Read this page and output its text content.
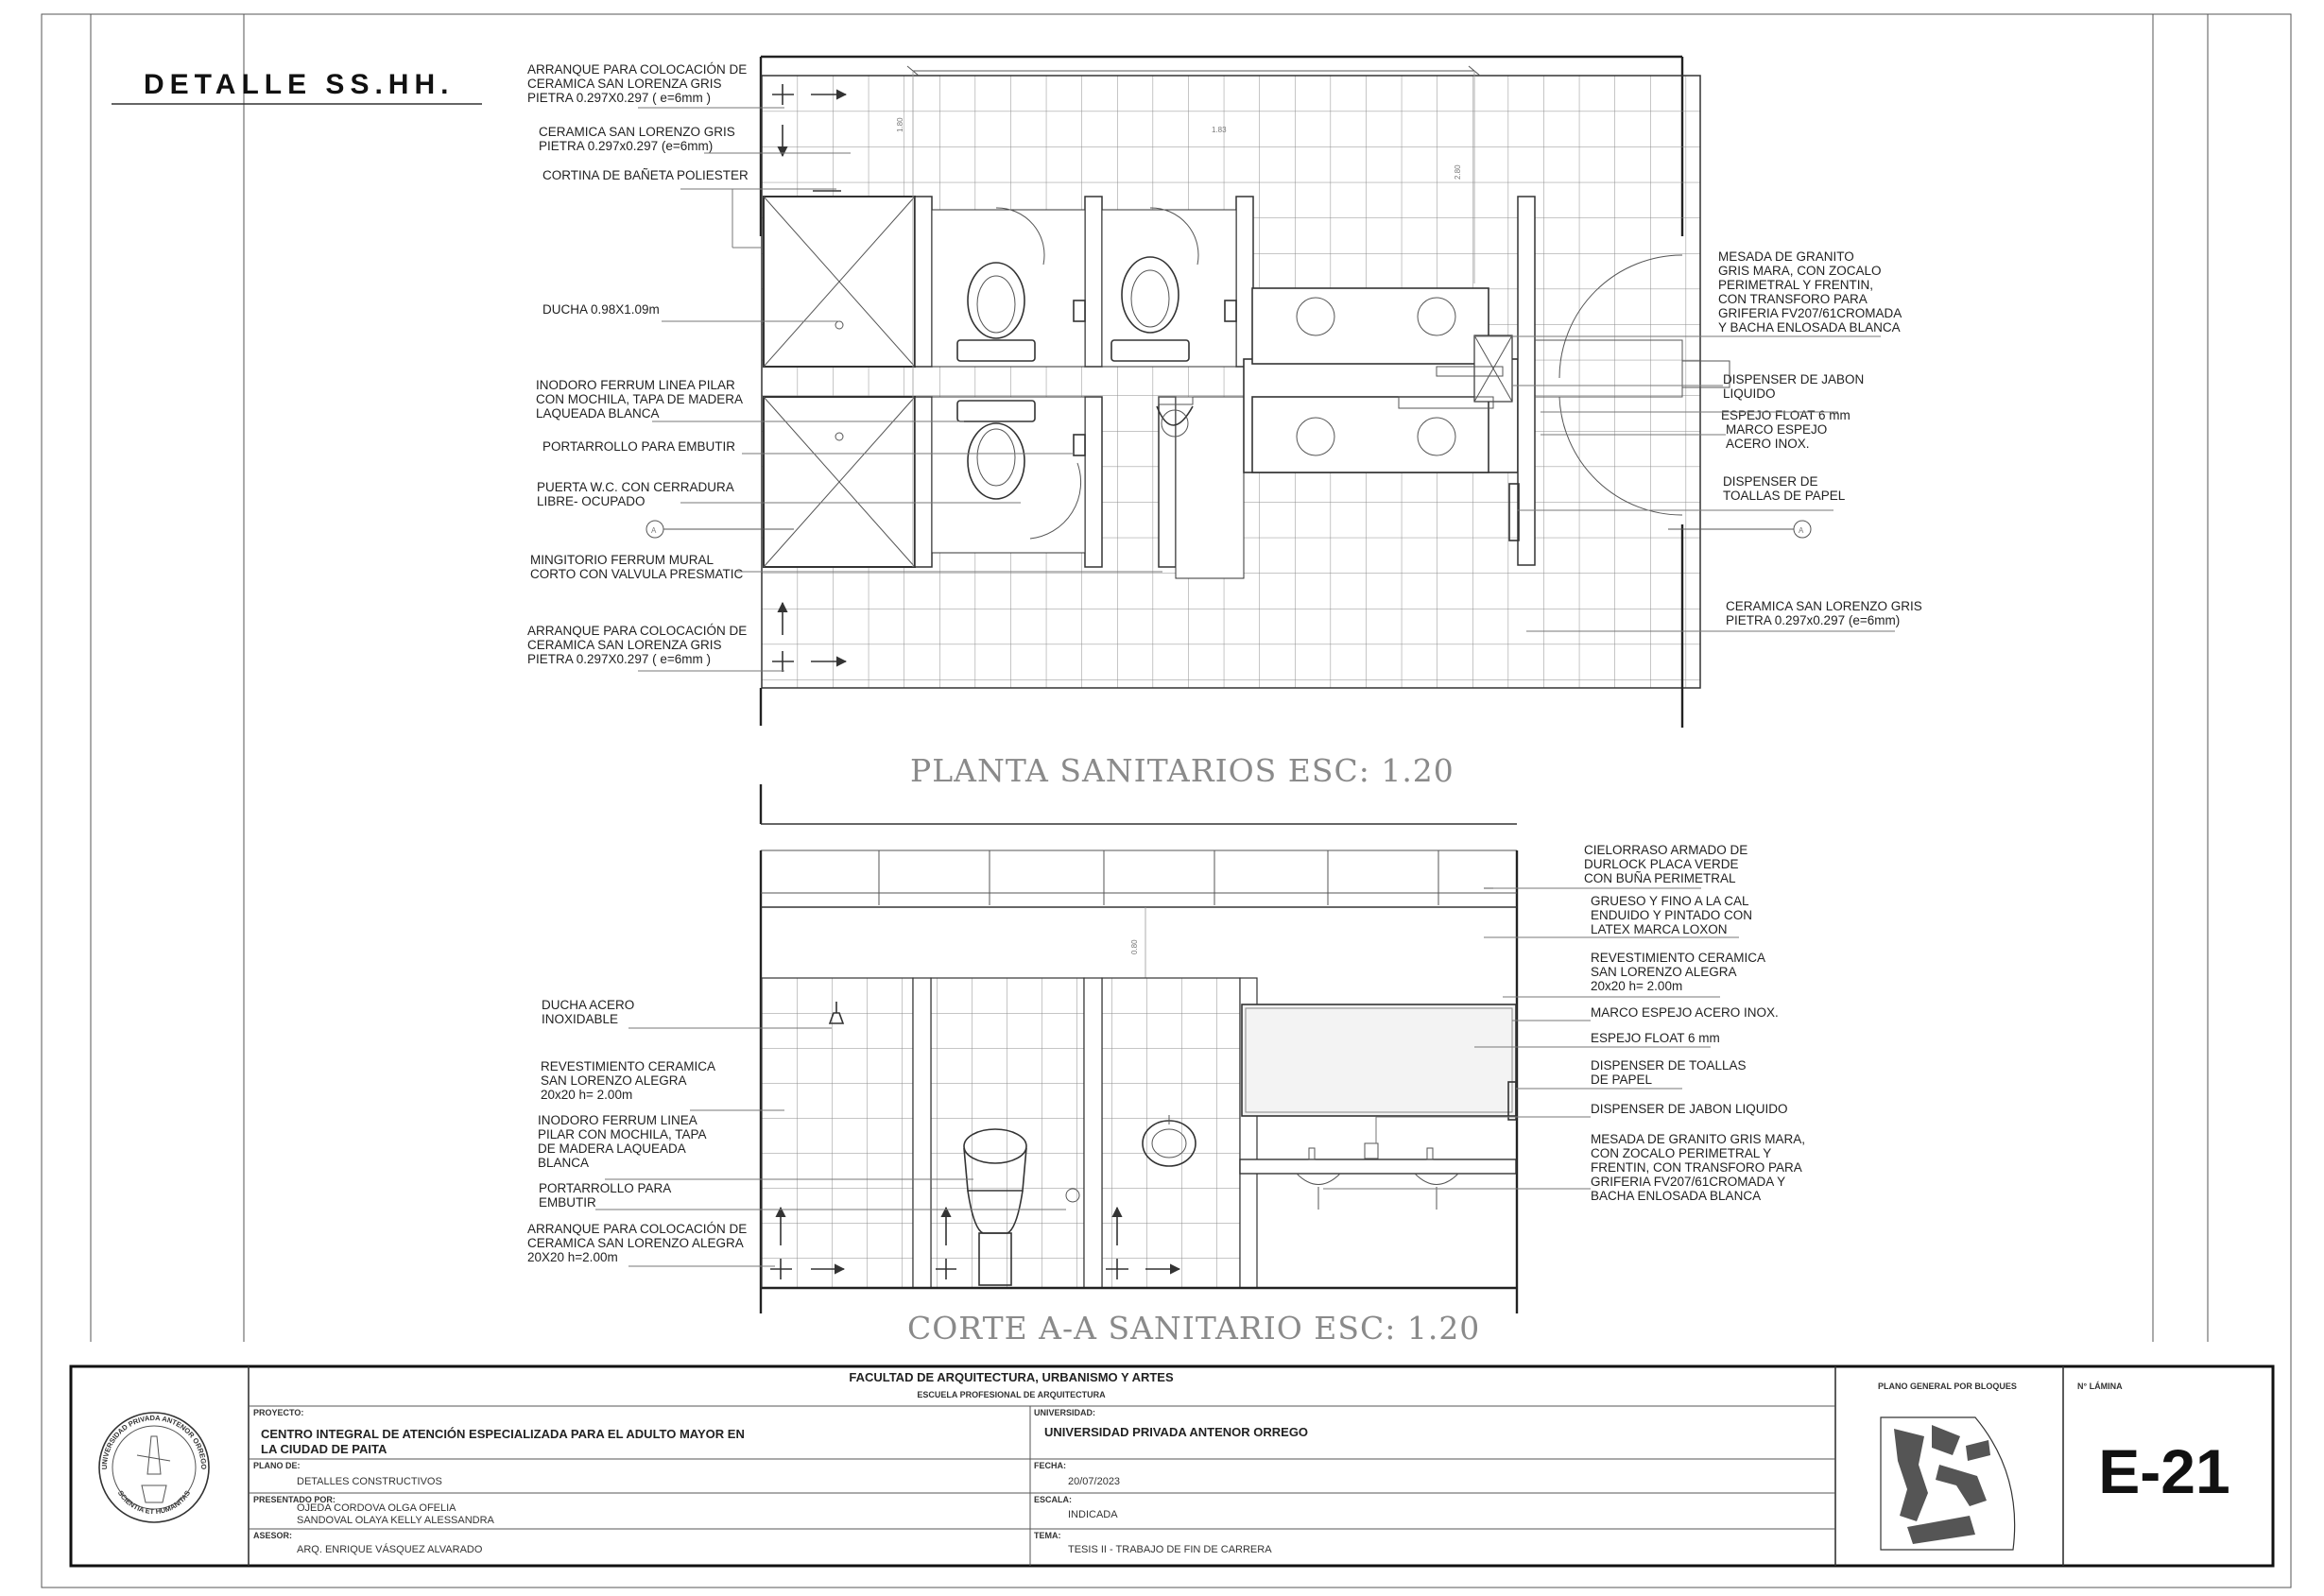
DETALLE SS.HH.
1.80	1.83
2.80
A	A
PLANTA SANITARIOS ESC: 1.20
ARRANQUE PARA COLOCACIÓN DE CERAMICA SAN LORENZA GRIS PIETRA 0.297X0.297 ( e=6mm )
CERAMICA SAN LORENZO GRIS PIETRA 0.297x0.297 (e=6mm)
CORTINA DE BAÑETA POLIESTER
DUCHA 0.98X1.09m
INODORO FERRUM LINEA PILAR CON MOCHILA, TAPA DE MADERA LAQUEADA BLANCA
PORTARROLLO PARA EMBUTIR
PUERTA W.C. CON CERRADURA LIBRE- OCUPADO
MINGITORIO FERRUM MURAL CORTO CON VALVULA PRESMATIC
ARRANQUE PARA COLOCACIÓN DE CERAMICA SAN LORENZA GRIS PIETRA 0.297X0.297 ( e=6mm )
MESADA DE GRANITO GRIS MARA, CON ZOCALO PERIMETRAL Y FRENTIN, CON TRANSFORO PARA GRIFERIA FV207/61CROMADA Y BACHA ENLOSADA BLANCA
DISPENSER DE JABON LIQUIDO
ESPEJO FLOAT 6 mm
MARCO ESPEJO ACERO INOX.
DISPENSER DE TOALLAS DE PAPEL
CERAMICA SAN LORENZO GRIS PIETRA 0.297x0.297 (e=6mm)
0.80
CORTE A-A SANITARIO ESC: 1.20
DUCHA ACERO INOXIDABLE
REVESTIMIENTO CERAMICA SAN LORENZO ALEGRA 20x20 h= 2.00m
INODORO FERRUM LINEA PILAR CON MOCHILA, TAPA DE MADERA LAQUEADA BLANCA
PORTARROLLO PARA EMBUTIR
ARRANQUE PARA COLOCACIÓN DE CERAMICA SAN LORENZO ALEGRA 20X20 h=2.00m
CIELORRASO ARMADO DE DURLOCK PLACA VERDE CON BUÑA PERIMETRAL
GRUESO Y FINO A LA CAL ENDUIDO Y PINTADO CON LATEX MARCA LOXON
REVESTIMIENTO CERAMICA SAN LORENZO ALEGRA 20x20 h= 2.00m
MARCO ESPEJO ACERO INOX.
ESPEJO FLOAT 6 mm
DISPENSER DE TOALLAS DE PAPEL
DISPENSER DE JABON LIQUIDO
MESADA DE GRANITO GRIS MARA, CON ZOCALO PERIMETRAL Y FRENTIN, CON TRANSFORO PARA GRIFERIA FV207/61CROMADA Y BACHA ENLOSADA BLANCA
UNIVERSIDAD PRIVADA ANTENOR ORREGO
SCIENTIA ET HUMANITAS
FACULTAD DE ARQUITECTURA, URBANISMO Y ARTES
ESCUELA PROFESIONAL DE ARQUITECTURA
PROYECTO:
CENTRO INTEGRAL DE ATENCIÓN ESPECIALIZADA PARA EL ADULTO MAYOR EN LA CIUDAD DE PAITA
UNIVERSIDAD:
UNIVERSIDAD PRIVADA ANTENOR ORREGO
PLANO DE:
DETALLES CONSTRUCTIVOS
FECHA:
20/07/2023
PRESENTADO POR:
OJEDA CORDOVA OLGA OFELIA SANDOVAL OLAYA KELLY ALESSANDRA
ESCALA:
INDICADA
ASESOR:
ARQ. ENRIQUE VÁSQUEZ ALVARADO
TEMA:
TESIS II - TRABAJO DE FIN DE CARRERA
PLANO GENERAL POR BLOQUES	N° LÁMINA
E-21
